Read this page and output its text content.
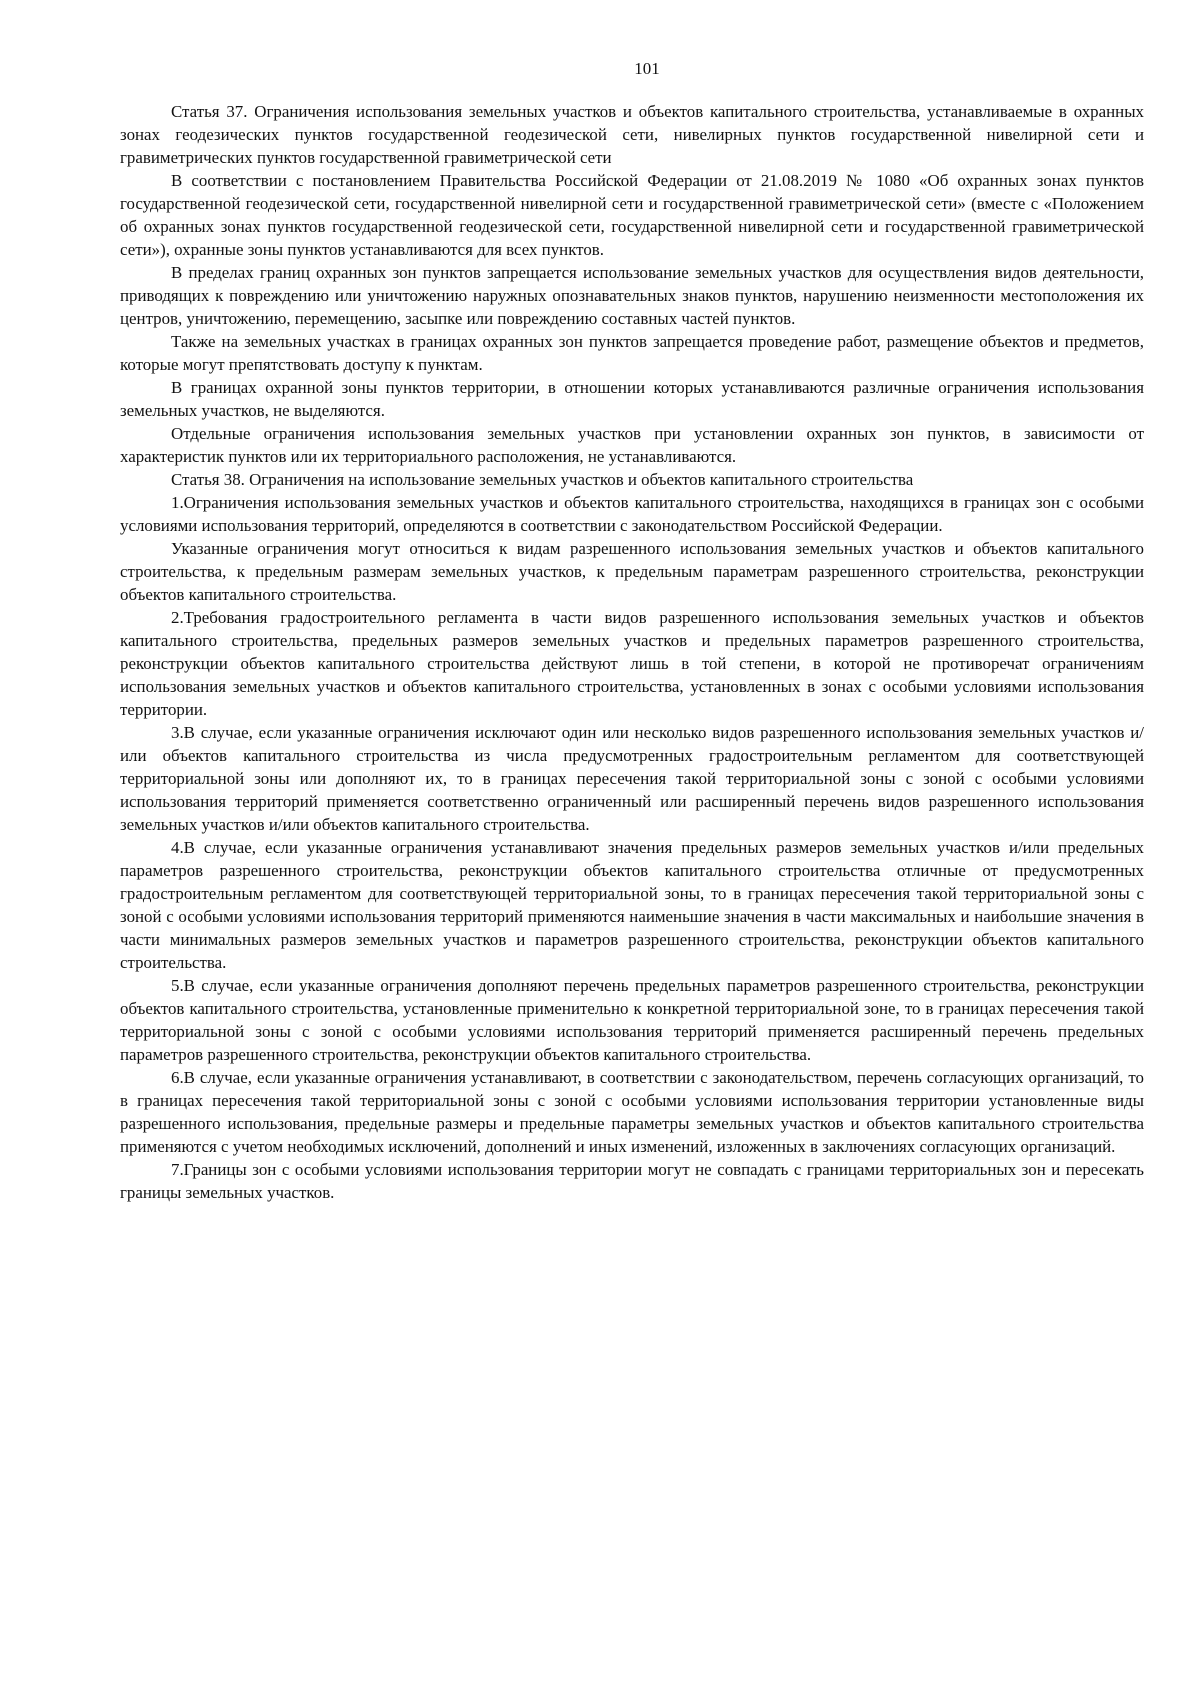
101

Статья 37. Ограничения использования земельных участков и объектов капитального строительства, устанавливаемые в охранных зонах геодезических пунктов государственной геодезической сети, нивелирных пунктов государственной нивелирной сети и гравиметрических пунктов государственной гравиметрической сети

В соответствии с постановлением Правительства Российской Федерации от 21.08.2019 № 1080 «Об охранных зонах пунктов государственной геодезической сети, государственной нивелирной сети и государственной гравиметрической сети» (вместе с «Положением об охранных зонах пунктов государственной геодезической сети, государственной нивелирной сети и государственной гравиметрической сети»), охранные зоны пунктов устанавливаются для всех пунктов.

В пределах границ охранных зон пунктов запрещается использование земельных участков для осуществления видов деятельности, приводящих к повреждению или уничтожению наружных опознавательных знаков пунктов, нарушению неизменности местоположения их центров, уничтожению, перемещению, засыпке или повреждению составных частей пунктов.

Также на земельных участках в границах охранных зон пунктов запрещается проведение работ, размещение объектов и предметов, которые могут препятствовать доступу к пунктам.

В границах охранной зоны пунктов территории, в отношении которых устанавливаются различные ограничения использования земельных участков, не выделяются.

Отдельные ограничения использования земельных участков при установлении охранных зон пунктов, в зависимости от характеристик пунктов или их территориального расположения, не устанавливаются.

Статья 38. Ограничения на использование земельных участков и объектов капитального строительства

1.Ограничения использования земельных участков и объектов капитального строительства, находящихся в границах зон с особыми условиями использования территорий, определяются в соответствии с законодательством Российской Федерации.

Указанные ограничения могут относиться к видам разрешенного использования земельных участков и объектов капитального строительства, к предельным размерам земельных участков, к предельным параметрам разрешенного строительства, реконструкции объектов капитального строительства.

2.Требования градостроительного регламента в части видов разрешенного использования земельных участков и объектов капитального строительства, предельных размеров земельных участков и предельных параметров разрешенного строительства, реконструкции объектов капитального строительства действуют лишь в той степени, в которой не противоречат ограничениям использования земельных участков и объектов капитального строительства, установленных в зонах с особыми условиями использования территории.

3.В случае, если указанные ограничения исключают один или несколько видов разрешенного использования земельных участков и/или объектов капитального строительства из числа предусмотренных градостроительным регламентом для соответствующей территориальной зоны или дополняют их, то в границах пересечения такой территориальной зоны с зоной с особыми условиями использования территорий применяется соответственно ограниченный или расширенный перечень видов разрешенного использования земельных участков и/или объектов капитального строительства.

4.В случае, если указанные ограничения устанавливают значения предельных размеров земельных участков и/или предельных параметров разрешенного строительства, реконструкции объектов капитального строительства отличные от предусмотренных градостроительным регламентом для соответствующей территориальной зоны, то в границах пересечения такой территориальной зоны с зоной с особыми условиями использования территорий применяются наименьшие значения в части максимальных и наибольшие значения в части минимальных размеров земельных участков и параметров разрешенного строительства, реконструкции объектов капитального строительства.

5.В случае, если указанные ограничения дополняют перечень предельных параметров разрешенного строительства, реконструкции объектов капитального строительства, установленные применительно к конкретной территориальной зоне, то в границах пересечения такой территориальной зоны с зоной с особыми условиями использования территорий применяется расширенный перечень предельных параметров разрешенного строительства, реконструкции объектов капитального строительства.

6.В случае, если указанные ограничения устанавливают, в соответствии с законодательством, перечень согласующих организаций, то в границах пересечения такой территориальной зоны с зоной с особыми условиями использования территории установленные виды разрешенного использования, предельные размеры и предельные параметры земельных участков и объектов капитального строительства применяются с учетом необходимых исключений, дополнений и иных изменений, изложенных в заключениях согласующих организаций.

7.Границы зон с особыми условиями использования территории могут не совпадать с границами территориальных зон и пересекать границы земельных участков.
